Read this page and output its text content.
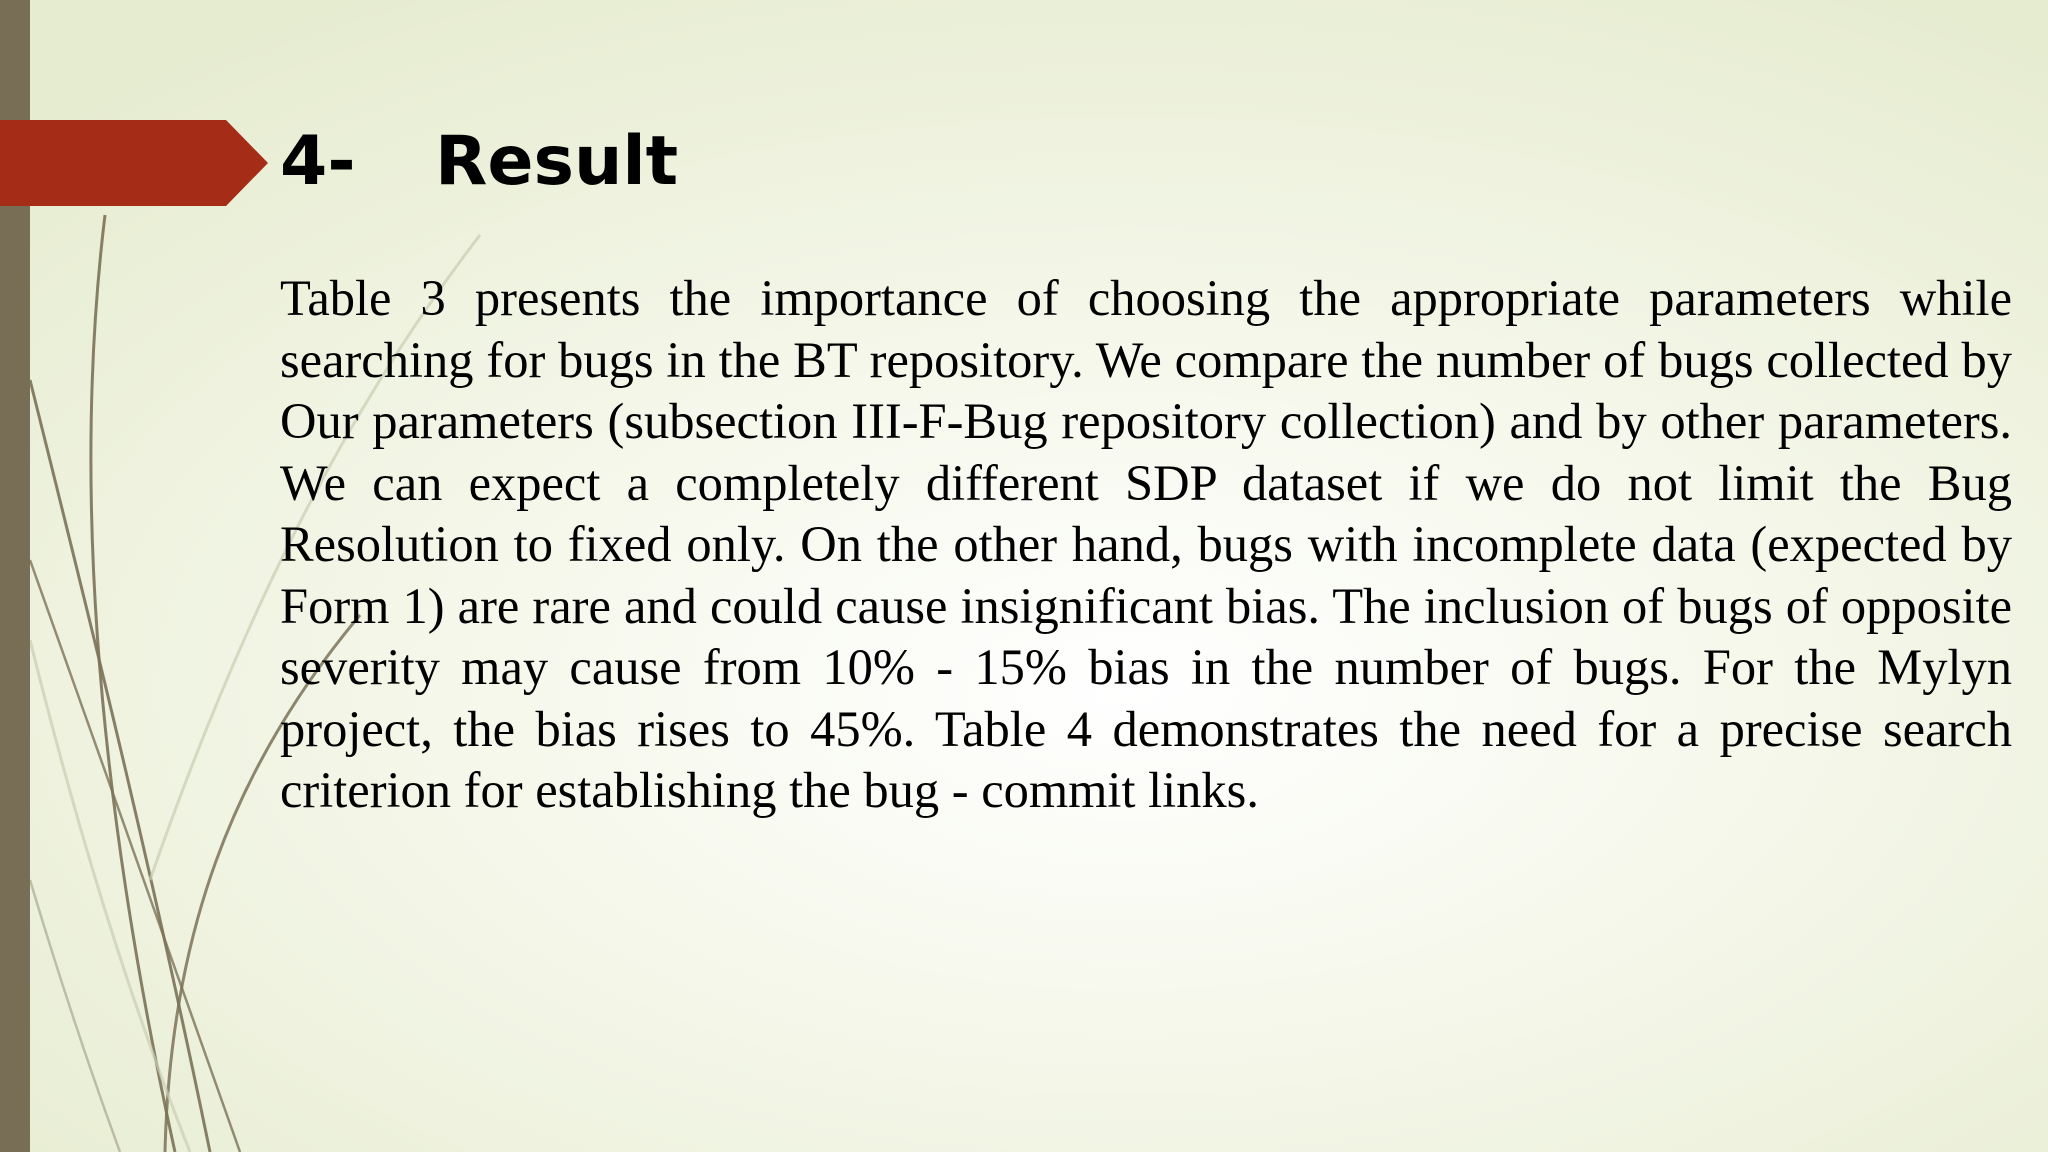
4- Result

Table 3 presents the importance of choosing the appropriate parameters while searching for bugs in the BT repository. We compare the number of bugs collected by Our parameters (subsection III-F-Bug repository collection) and by other parameters. We can expect a completely different SDP dataset if we do not limit the Bug Resolution to fixed only. On the other hand, bugs with incomplete data (expected by Form 1) are rare and could cause insignificant bias. The inclusion of bugs of opposite severity may cause from 10% - 15% bias in the number of bugs. For the Mylyn project, the bias rises to 45%. Table 4 demonstrates the need for a precise search criterion for establishing the bug - commit links.
